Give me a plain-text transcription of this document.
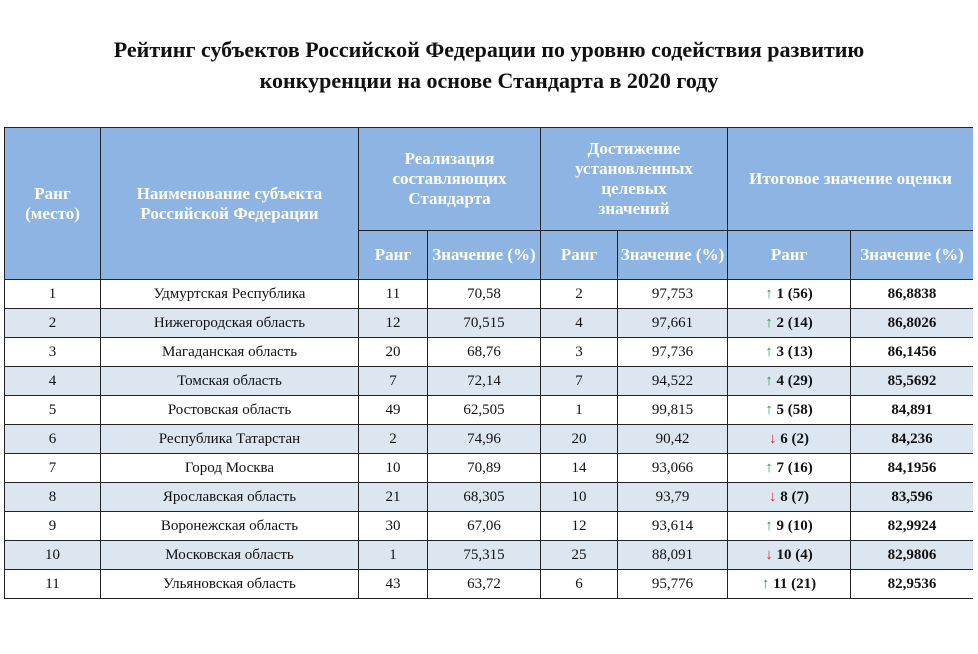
Рейтинг субъектов Российской Федерации по уровню содействия развитию
конкуренции на основе Стандарта в 2020 году
Ранг (место)	Наименование субъекта Российской Федерации	Реализация составляющих Стандарта		Достижение установленных целевых значений		Итоговое значение оценки	
		Ранг	Значение (%)	Ранг	Значение (%)	Ранг	Значение (%)
1	Удмуртская Республика	11	70,58	2	97,753	↑ 1 (56)	86,8838
2	Нижегородская область	12	70,515	4	97,661	↑ 2 (14)	86,8026
3	Магаданская область	20	68,76	3	97,736	↑ 3 (13)	86,1456
4	Томская область	7	72,14	7	94,522	↑ 4 (29)	85,5692
5	Ростовская область	49	62,505	1	99,815	↑ 5 (58)	84,891
6	Республика Татарстан	2	74,96	20	90,42	↓ 6 (2)	84,236
7	Город Москва	10	70,89	14	93,066	↑ 7 (16)	84,1956
8	Ярославская область	21	68,305	10	93,79	↓ 8 (7)	83,596
9	Воронежская область	30	67,06	12	93,614	↑ 9 (10)	82,9924
10	Московская область	1	75,315	25	88,091	↓ 10 (4)	82,9806
11	Ульяновская область	43	63,72	6	95,776	↑ 11 (21)	82,9536
